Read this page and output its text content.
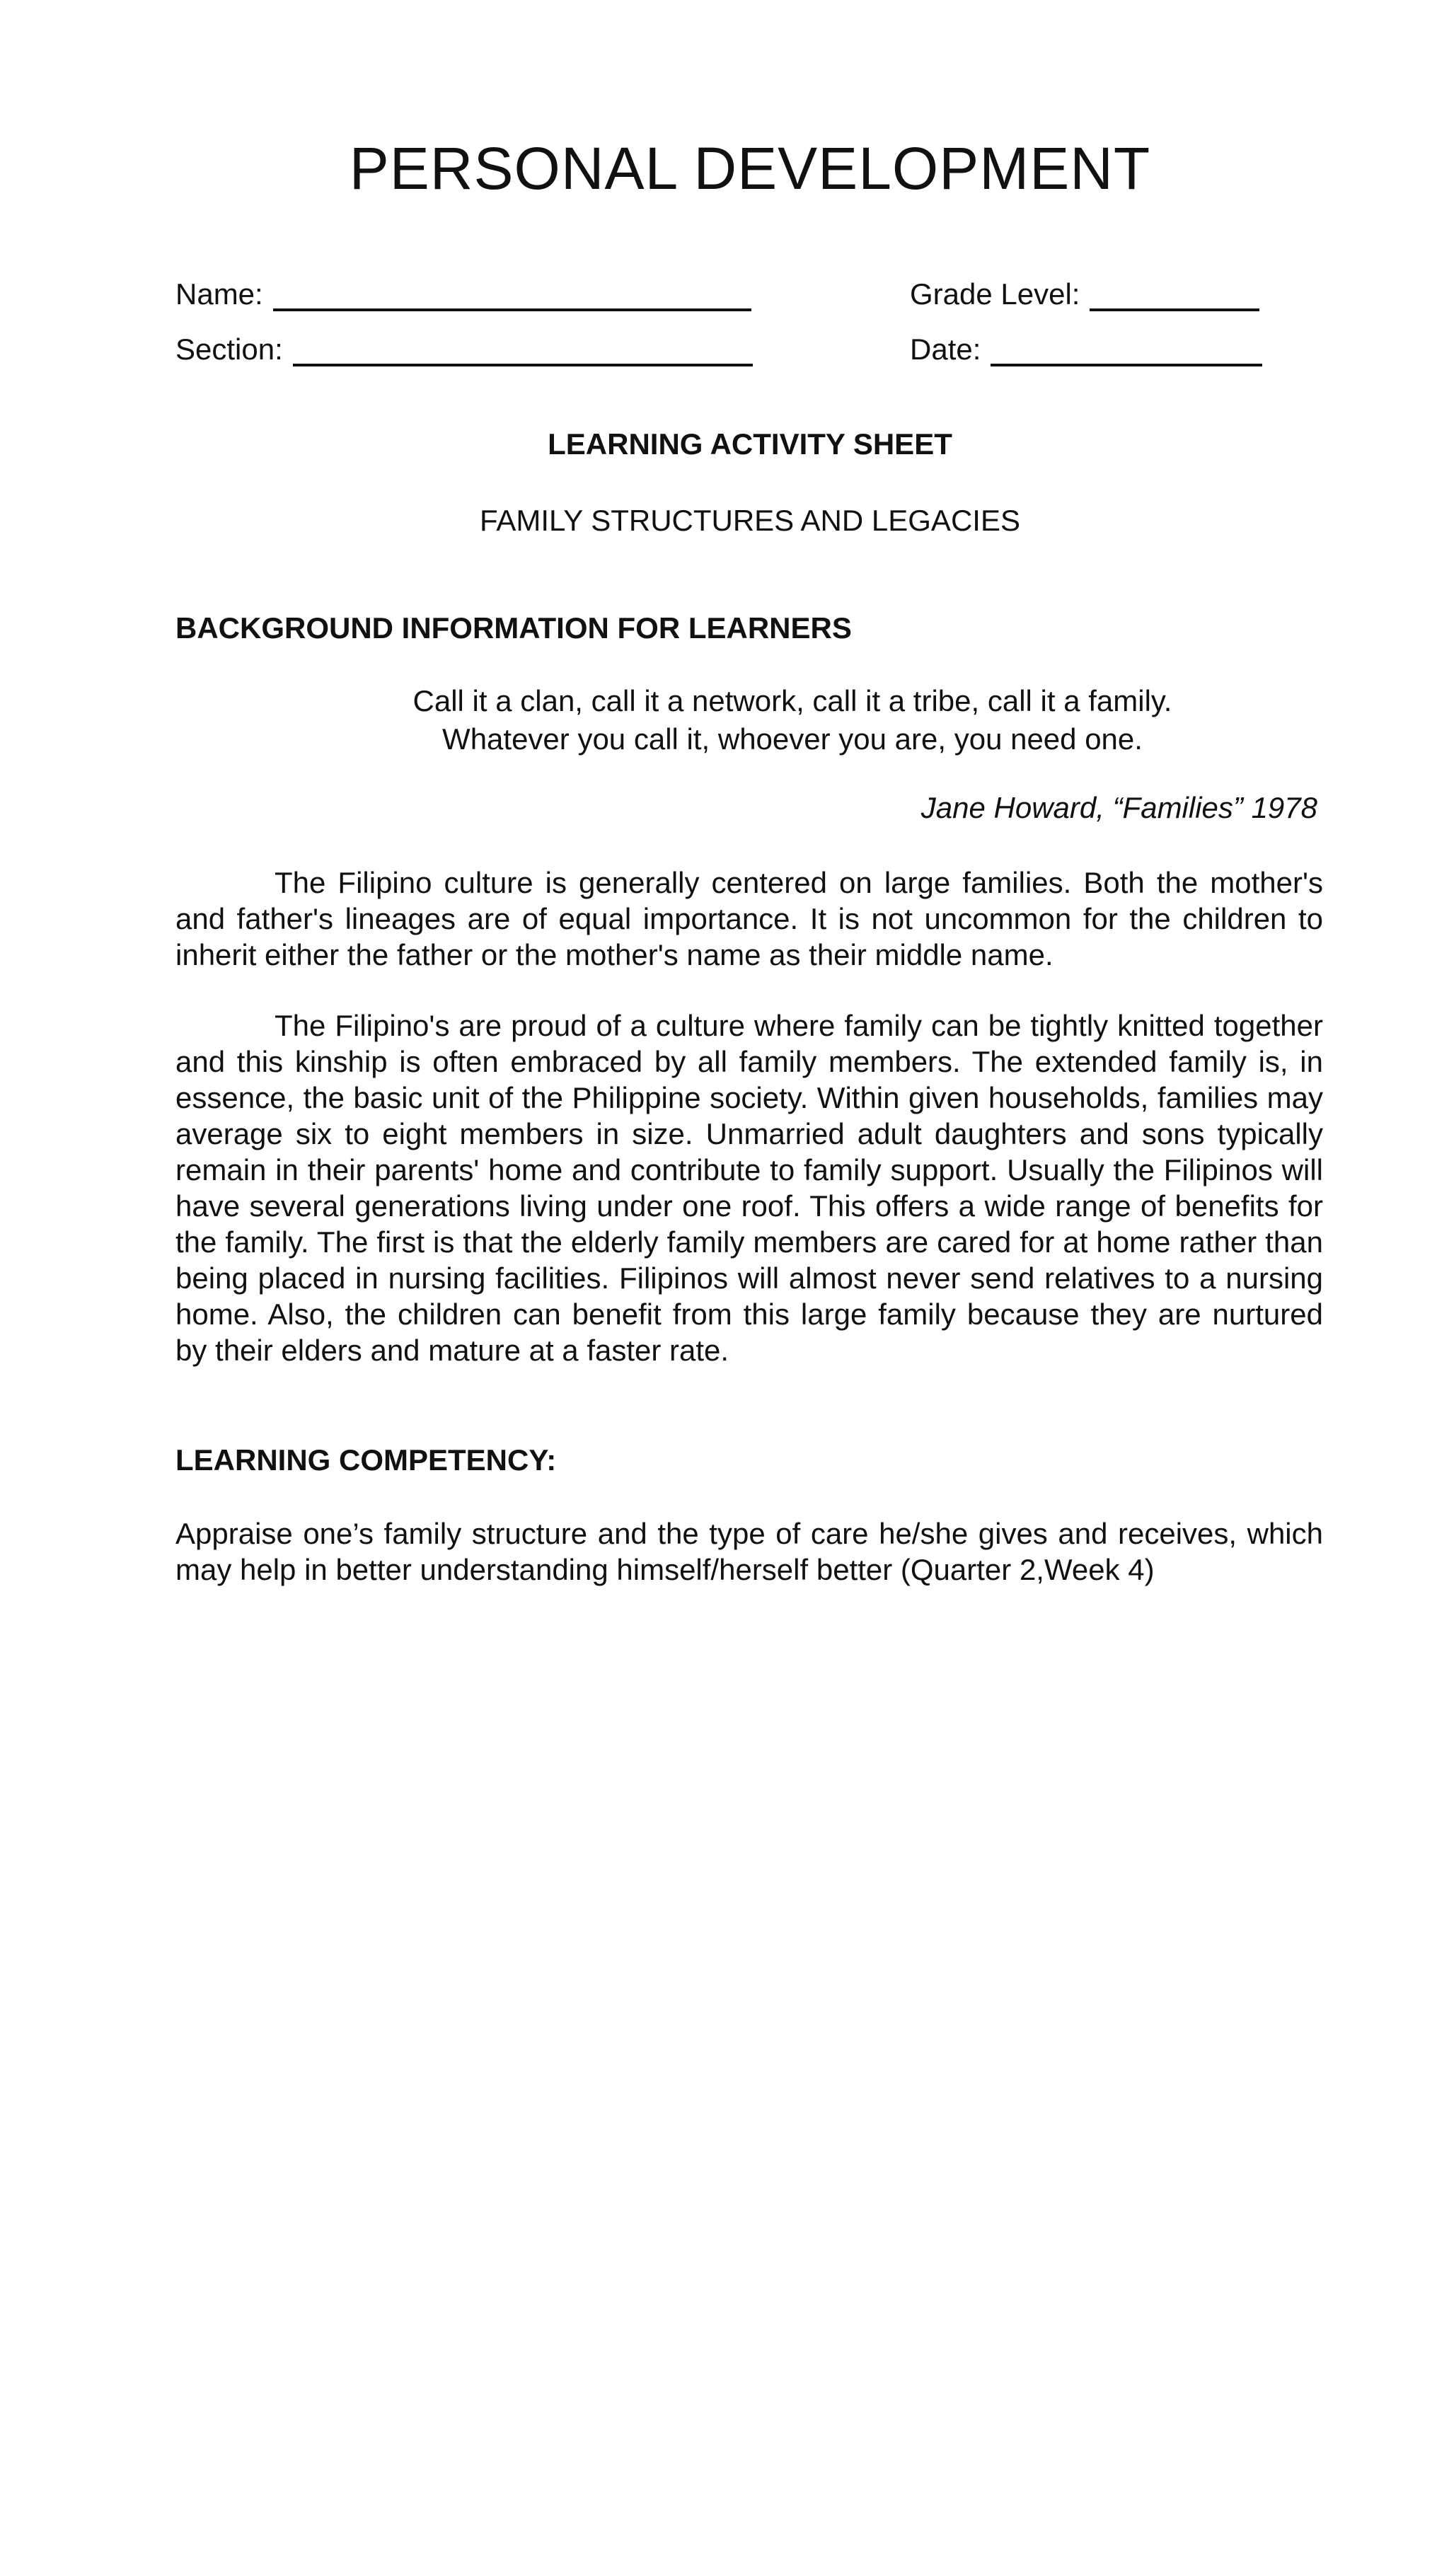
PERSONAL DEVELOPMENT
Name:	Grade Level:
Section:	Date:

LEARNING ACTIVITY SHEET

FAMILY STRUCTURES AND LEGACIES

BACKGROUND INFORMATION FOR LEARNERS

Call it a clan, call it a network, call it a tribe, call it a family.

Whatever you call it, whoever you are, you need one.

Jane Howard, “Families” 1978

The Filipino culture is generally centered on large families. Both the mother's and father's lineages are of equal importance. It is not uncommon for the children to inherit either the father or the mother's name as their middle name.

The Filipino's are proud of a culture where family can be tightly knitted together and this kinship is often embraced by all family members. The extended family is, in essence, the basic unit of the Philippine society. Within given households, families may average six to eight members in size. Unmarried adult daughters and sons typically remain in their parents' home and contribute to family support. Usually the Filipinos will have several generations living under one roof. This offers a wide range of benefits for the family. The first is that the elderly family members are cared for at home rather than being placed in nursing facilities. Filipinos will almost never send relatives to a nursing home. Also, the children can benefit from this large family because they are nurtured by their elders and mature at a faster rate.

LEARNING COMPETENCY:

Appraise one’s family structure and the type of care he/she gives and receives, which may help in better understanding himself/herself better (Quarter 2,Week 4)
